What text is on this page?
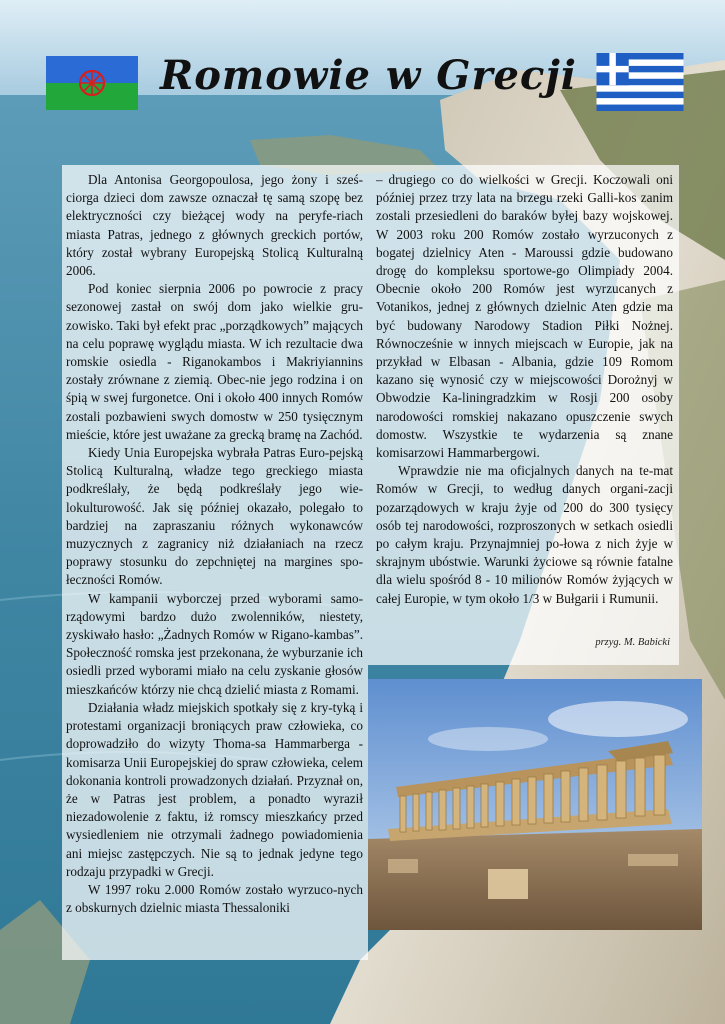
Romowie w Grecji

Dla Antonisa Georgopoulosa, jego żony i sześ-ciorga dzieci dom zawsze oznaczał tę samą szopę bez elektryczności czy bieżącej wody na peryfe-riach miasta Patras, jednego z głównych greckich portów, który został wybrany Europejską Stolicą Kulturalną 2006.

Pod koniec sierpnia 2006 po powrocie z pracy sezonowej zastał on swój dom jako wielkie gru-zowisko. Taki był efekt prac „porządkowych” mających na celu poprawę wyglądu miasta. W ich rezultacie dwa romskie osiedla - Riganokambos i Makriyiannins zostały zrównane z ziemią. Obec-nie jego rodzina i on śpią w swej furgonetce. Oni i około 400 innych Romów zostali pozbawieni swych domostw w 250 tysięcznym mieście, które jest uważane za grecką bramę na Zachód.

Kiedy Unia Europejska wybrała Patras Euro-pejską Stolicą Kulturalną, władze tego greckiego miasta podkreślały, że będą podkreślały jego wie-lokulturowość. Jak się później okazało, polegało to bardziej na zapraszaniu różnych wykonawców muzycznych z zagranicy niż działaniach na rzecz poprawy stosunku do zepchniętej na margines spo-łeczności Romów.

W kampanii wyborczej przed wyborami samo-rządowymi bardzo dużo zwolenników, niestety, zyskiwało hasło: „Żadnych Romów w Rigano-kambas”. Społeczność romska jest przekonana, że wyburzanie ich osiedli przed wyborami miało na celu zyskanie głosów mieszkańców którzy nie chcą dzielić miasta z Romami.

Działania władz miejskich spotkały się z kry-tyką i protestami organizacji broniących praw człowieka, co doprowadziło do wizyty Thoma-sa Hammarberga - komisarza Unii Europejskiej do spraw człowieka, celem dokonania kontroli prowadzonych działań. Przyznał on, że w Patras jest problem, a ponadto wyraził niezadowolenie z faktu, iż romscy mieszkańcy przed wysiedleniem nie otrzymali żadnego powiadomienia ani miejsc zastępczych. Nie są to jednak jedyne tego rodzaju przypadki w Grecji.

W 1997 roku 2.000 Romów zostało wyrzuco-nych z obskurnych dzielnic miasta Thessaloniki

– drugiego co do wielkości w Grecji. Koczowali oni później przez trzy lata na brzegu rzeki Galli-kos zanim zostali przesiedleni do baraków byłej bazy wojskowej. W 2003 roku 200 Romów zostało wyrzuconych z bogatej dzielnicy Aten - Maroussi gdzie budowano drogę do kompleksu sportowe-go Olimpiady 2004. Obecnie około 200 Romów jest wyrzucanych z Votanikos, jednej z głównych dzielnic Aten gdzie ma być budowany Narodowy Stadion Piłki Nożnej. Równocześnie w innych miejscach w Europie, jak na przykład w Elbasan - Albania, gdzie 109 Romom kazano się wynosić czy w miejscowości Dorożnyj w Obwodzie Ka-liningradzkim w Rosji 200 osoby narodowości romskiej nakazano opuszczenie swych domostw. Wszystkie te wydarzenia są znane komisarzowi Hammarbergowi.

Wprawdzie nie ma oficjalnych danych na te-mat Romów w Grecji, to według danych organi-zacji pozarządowych w kraju żyje od 200 do 300 tysięcy osób tej narodowości, rozproszonych w setkach osiedli po całym kraju. Przynajmniej po-łowa z nich żyje w skrajnym ubóstwie. Warunki życiowe są równie fatalne dla wielu spośród 8 - 10 milionów Romów żyjących w całej Europie, w tym około 1/3 w Bułgarii i Rumunii.

przyg. M. Babicki
